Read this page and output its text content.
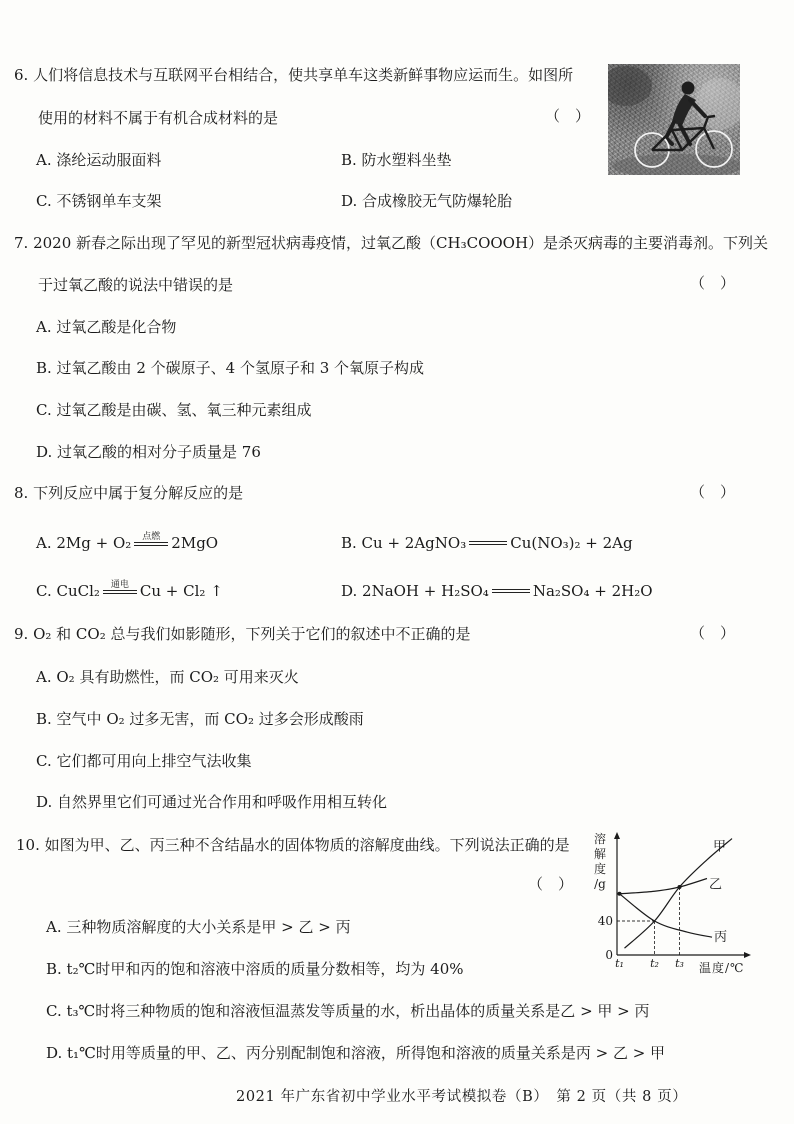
6. 人们将信息技术与互联网平台相结合，使共享单车这类新鲜事物应运而生。如图所
使用的材料不属于有机合成材料的是	（　）
A. 涤纶运动服面料	B. 防水塑料坐垫
C. 不锈钢单车支架	D. 合成橡胶无气防爆轮胎
7. 2020 新春之际出现了罕见的新型冠状病毒疫情，过氧乙酸（CH₃COOOH）是杀灭病毒的主要消毒剂。下列关
于过氧乙酸的说法中错误的是	（　）
A. 过氧乙酸是化合物
B. 过氧乙酸由 2 个碳原子、4 个氢原子和 3 个氧原子构成
C. 过氧乙酸是由碳、氢、氧三种元素组成
D. 过氧乙酸的相对分子质量是 76
8. 下列反应中属于复分解反应的是	（　）
A. 2Mg + O₂ 点燃 2MgO	B. Cu + 2AgNO₃	Cu(NO₃)₂ + 2Ag
C. CuCl₂ 通电 Cu + Cl₂ ↑	D. 2NaOH + H₂SO₄	Na₂SO₄ + 2H₂O
9. O₂ 和 CO₂ 总与我们如影随形，下列关于它们的叙述中不正确的是	（　）
A. O₂ 具有助燃性，而 CO₂ 可用来灭火
B. 空气中 O₂ 过多无害，而 CO₂ 过多会形成酸雨
C. 它们都可用向上排空气法收集
D. 自然界里它们可通过光合作用和呼吸作用相互转化
10. 如图为甲、乙、丙三种不含结晶水的固体物质的溶解度曲线。下列说法正确的是
（　）
A. 三种物质溶解度的大小关系是甲 > 乙 > 丙
B. t₂℃时甲和丙的饱和溶液中溶质的质量分数相等，均为 40%
C. t₃℃时将三种物质的饱和溶液恒温蒸发等质量的水，析出晶体的质量关系是乙 > 甲 > 丙
D. t₁℃时用等质量的甲、乙、丙分别配制饱和溶液，所得饱和溶液的质量关系是丙 > 乙 > 甲
甲
乙
丙
t₁ t₂ t₃
0
40
溶
解
度
/g
温度/℃
2021 年广东省初中学业水平考试模拟卷（B）　第 2 页（共 8 页）
